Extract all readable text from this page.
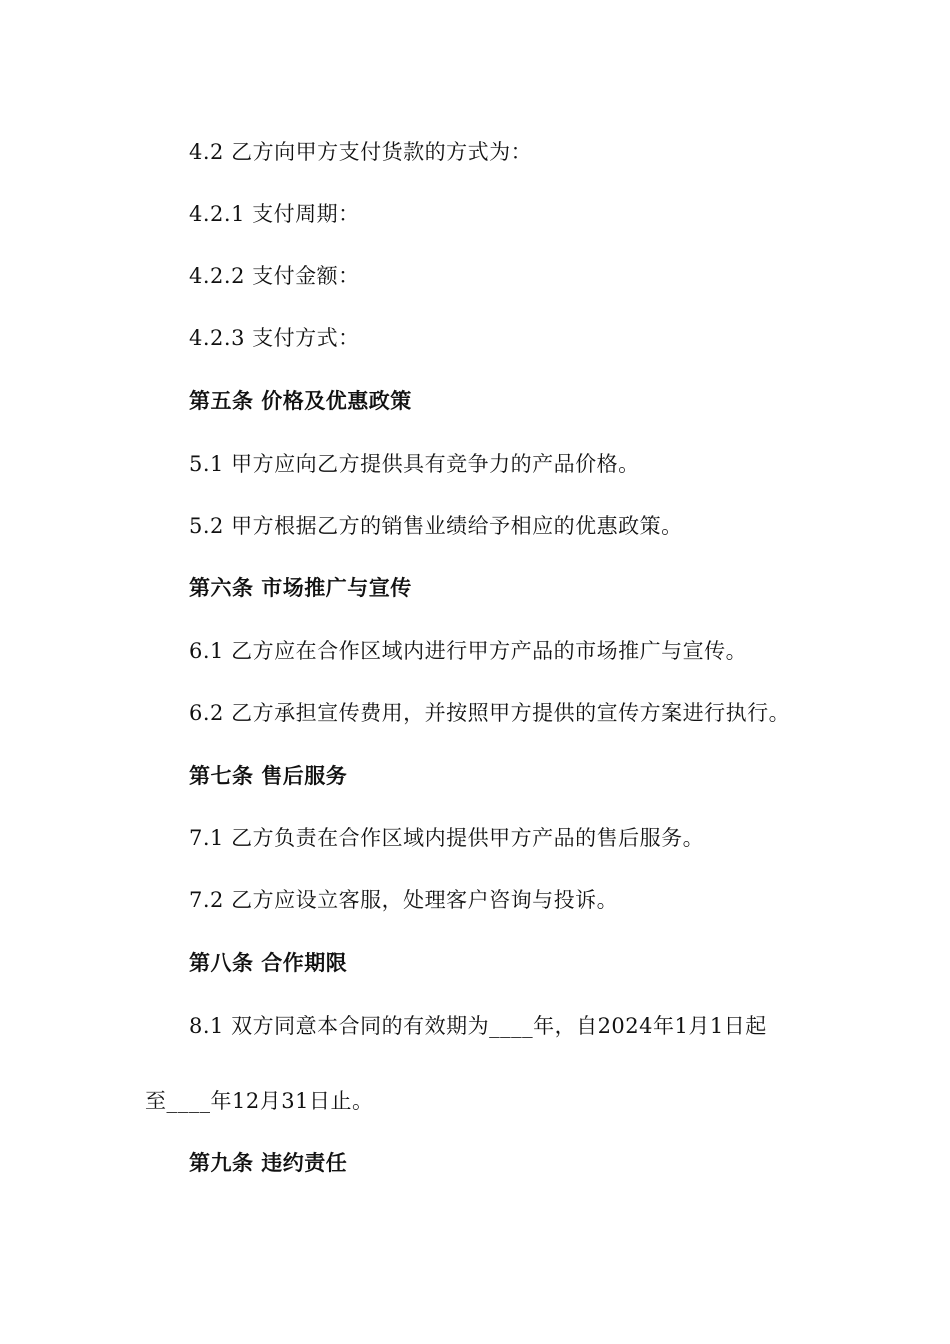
4.2 乙方向甲方支付货款的方式为：
4.2.1 支付周期：
4.2.2 支付金额：
4.2.3 支付方式：
第五条 价格及优惠政策
5.1 甲方应向乙方提供具有竞争力的产品价格。
5.2 甲方根据乙方的销售业绩给予相应的优惠政策。
第六条 市场推广与宣传
6.1 乙方应在合作区域内进行甲方产品的市场推广与宣传。
6.2 乙方承担宣传费用，并按照甲方提供的宣传方案进行执行。
第七条 售后服务
7.1 乙方负责在合作区域内提供甲方产品的售后服务。
7.2 乙方应设立客服，处理客户咨询与投诉。
第八条 合作期限
8.1 双方同意本合同的有效期为____年，自2024年1月1日起
至____年12月31日止。
第九条 违约责任
